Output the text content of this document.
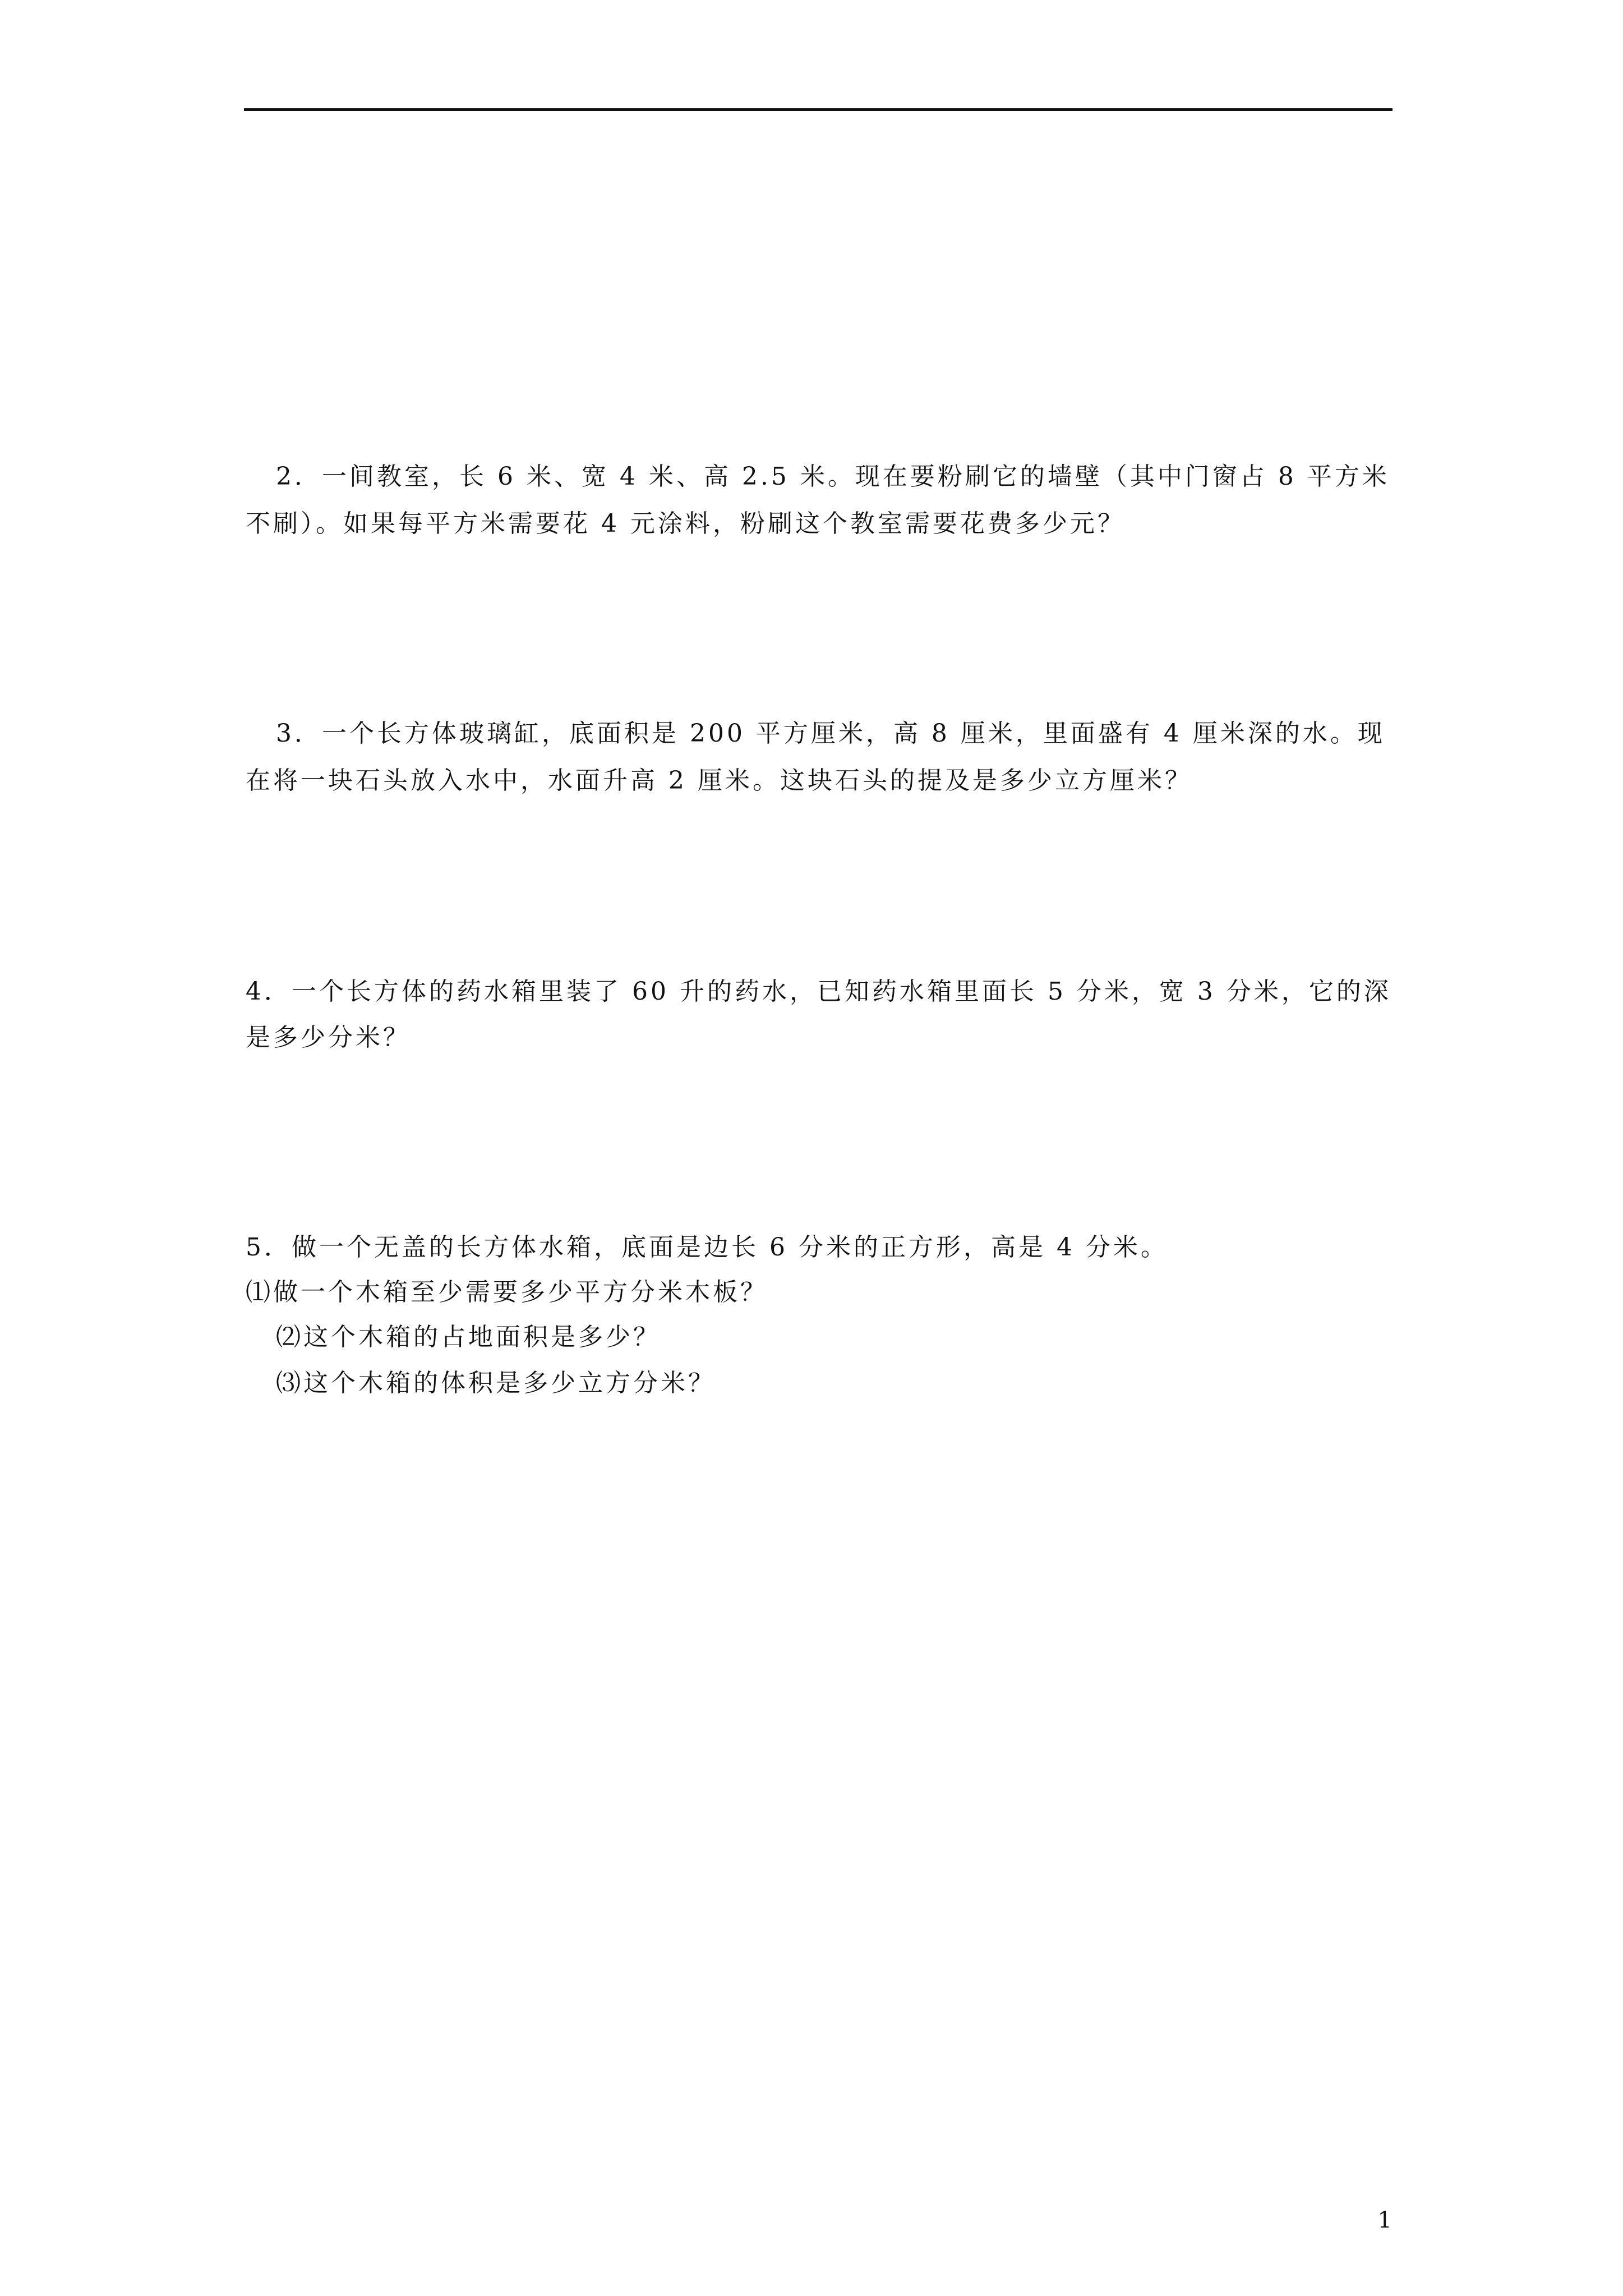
2．一间教室，长 6 米、宽 4 米、高 2.5 米。现在要粉刷它的墙壁（其中门窗占 8 平方米
不刷）。如果每平方米需要花 4 元涂料，粉刷这个教室需要花费多少元？
3．一个长方体玻璃缸，底面积是 200 平方厘米，高 8 厘米，里面盛有 4 厘米深的水。现
在将一块石头放入水中，水面升高 2 厘米。这块石头的提及是多少立方厘米？
4．一个长方体的药水箱里装了 60 升的药水，已知药水箱里面长 5 分米，宽 3 分米，它的深
是多少分米？
5．做一个无盖的长方体水箱，底面是边长 6 分米的正方形，高是 4 分米。
⑴做一个木箱至少需要多少平方分米木板？
⑵这个木箱的占地面积是多少？
⑶这个木箱的体积是多少立方分米？
1
